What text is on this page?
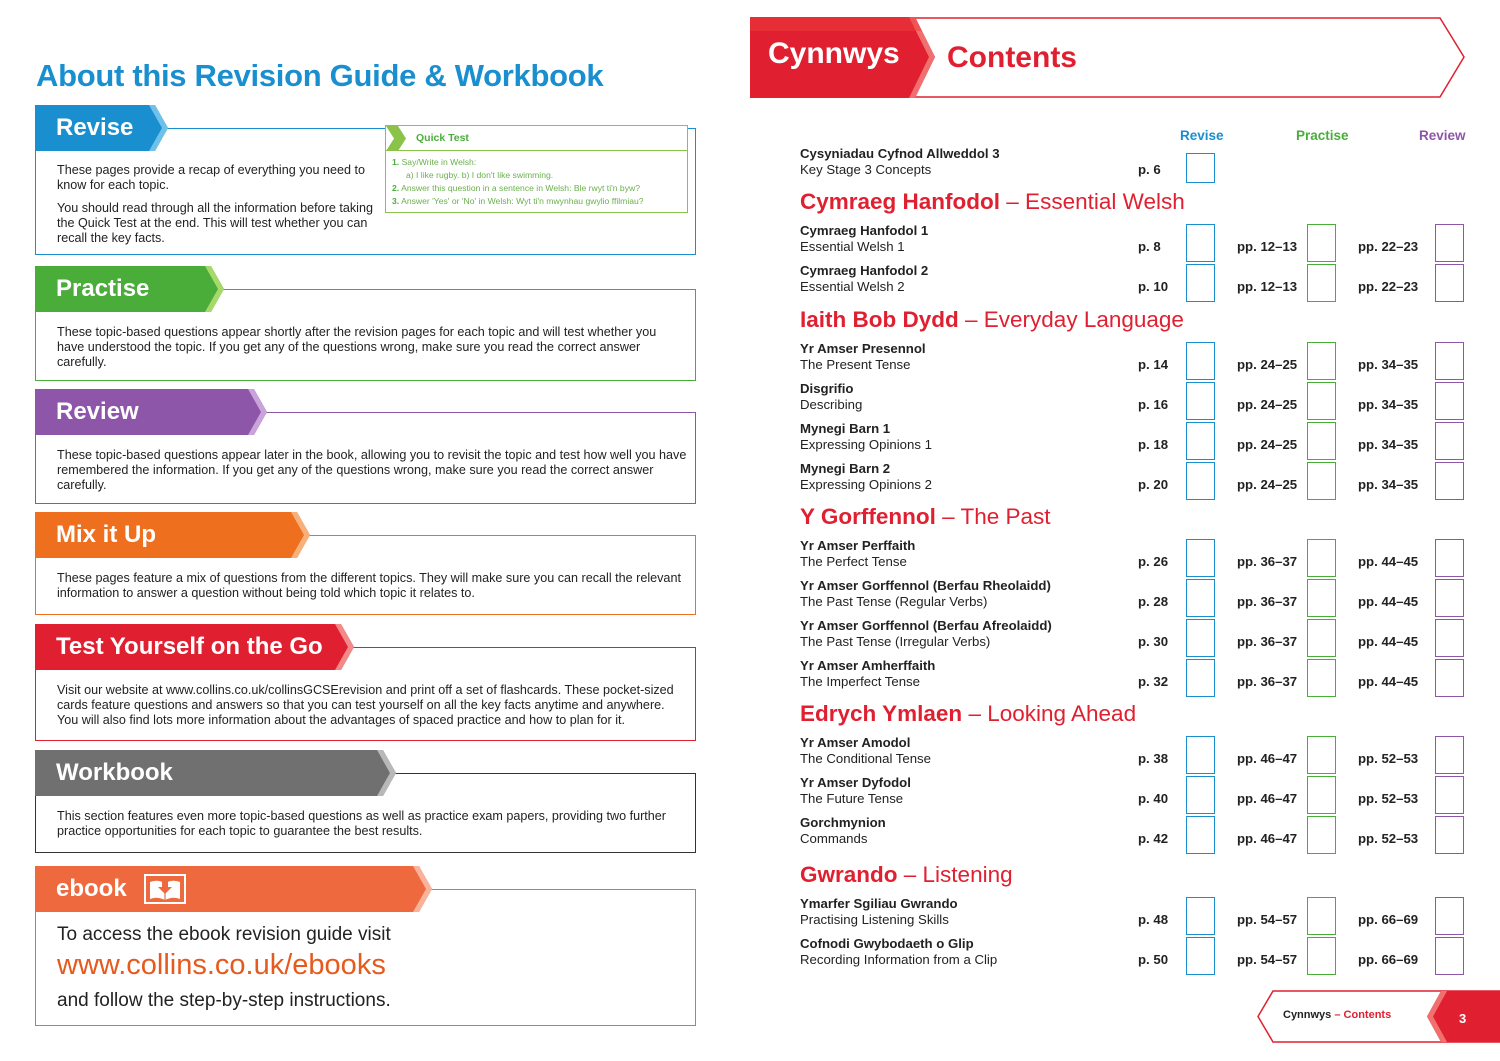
About this Revision Guide & Workbook
Revise
These pages provide a recap of everything you need to know for each topic.
You should read through all the information before taking the Quick Test at the end. This will test whether you can recall the key facts.
Quick Test
1. Say/Write in Welsh:
a) I like rugby. b) I don't like swimming.
2. Answer this question in a sentence in Welsh: Ble rwyt ti'n byw?
3. Answer 'Yes' or 'No' in Welsh: Wyt ti'n mwynhau gwylio ffilmiau?
Practise
These topic-based questions appear shortly after the revision pages for each topic and will test whether you have understood the topic. If you get any of the questions wrong, make sure you read the correct answer carefully.
Review
These topic-based questions appear later in the book, allowing you to revisit the topic and test how well you have remembered the information. If you get any of the questions wrong, make sure you read the correct answer carefully.
Mix it Up
These pages feature a mix of questions from the different topics. They will make sure you can recall the relevant information to answer a question without being told which topic it relates to.
Test Yourself on the Go
Visit our website at www.collins.co.uk/collinsGCSErevision and print off a set of flashcards. These pocket-sized cards feature questions and answers so that you can test yourself on all the key facts anytime and anywhere. You will also find lots more information about the advantages of spaced practice and how to plan for it.
Workbook
This section features even more topic-based questions as well as practice exam papers, providing two further practice opportunities for each topic to guarantee the best results.
ebook
To access the ebook revision guide visit
www.collins.co.uk/ebooks
and follow the step-by-step instructions.
Cynnwys Contents
Revise	Practise	Review
Cysyniadau Cyfnod Allweddol 3
Key Stage 3 Concepts	p. 6
Cymraeg Hanfodol – Essential Welsh
Cymraeg Hanfodol 1
Essential Welsh 1	p. 8	pp. 12–13	pp. 22–23
Cymraeg Hanfodol 2
Essential Welsh 2	p. 10	pp. 12–13	pp. 22–23
Iaith Bob Dydd – Everyday Language
Yr Amser Presennol
The Present Tense	p. 14	pp. 24–25	pp. 34–35
Disgrifio
Describing	p. 16	pp. 24–25	pp. 34–35
Mynegi Barn 1
Expressing Opinions 1	p. 18	pp. 24–25	pp. 34–35
Mynegi Barn 2
Expressing Opinions 2	p. 20	pp. 24–25	pp. 34–35
Y Gorffennol – The Past
Yr Amser Perffaith
The Perfect Tense	p. 26	pp. 36–37	pp. 44–45
Yr Amser Gorffennol (Berfau Rheolaidd)
The Past Tense (Regular Verbs)	p. 28	pp. 36–37	pp. 44–45
Yr Amser Gorffennol (Berfau Afreolaidd)
The Past Tense (Irregular Verbs)	p. 30	pp. 36–37	pp. 44–45
Yr Amser Amherffaith
The Imperfect Tense	p. 32	pp. 36–37	pp. 44–45
Edrych Ymlaen – Looking Ahead
Yr Amser Amodol
The Conditional Tense	p. 38	pp. 46–47	pp. 52–53
Yr Amser Dyfodol
The Future Tense	p. 40	pp. 46–47	pp. 52–53
Gorchmynion
Commands	p. 42	pp. 46–47	pp. 52–53
Gwrando – Listening
Ymarfer Sgiliau Gwrando
Practising Listening Skills	p. 48	pp. 54–57	pp. 66–69
Cofnodi Gwybodaeth o Glip
Recording Information from a Clip	p. 50	pp. 54–57	pp. 66–69
Cynnwys – Contents	3
